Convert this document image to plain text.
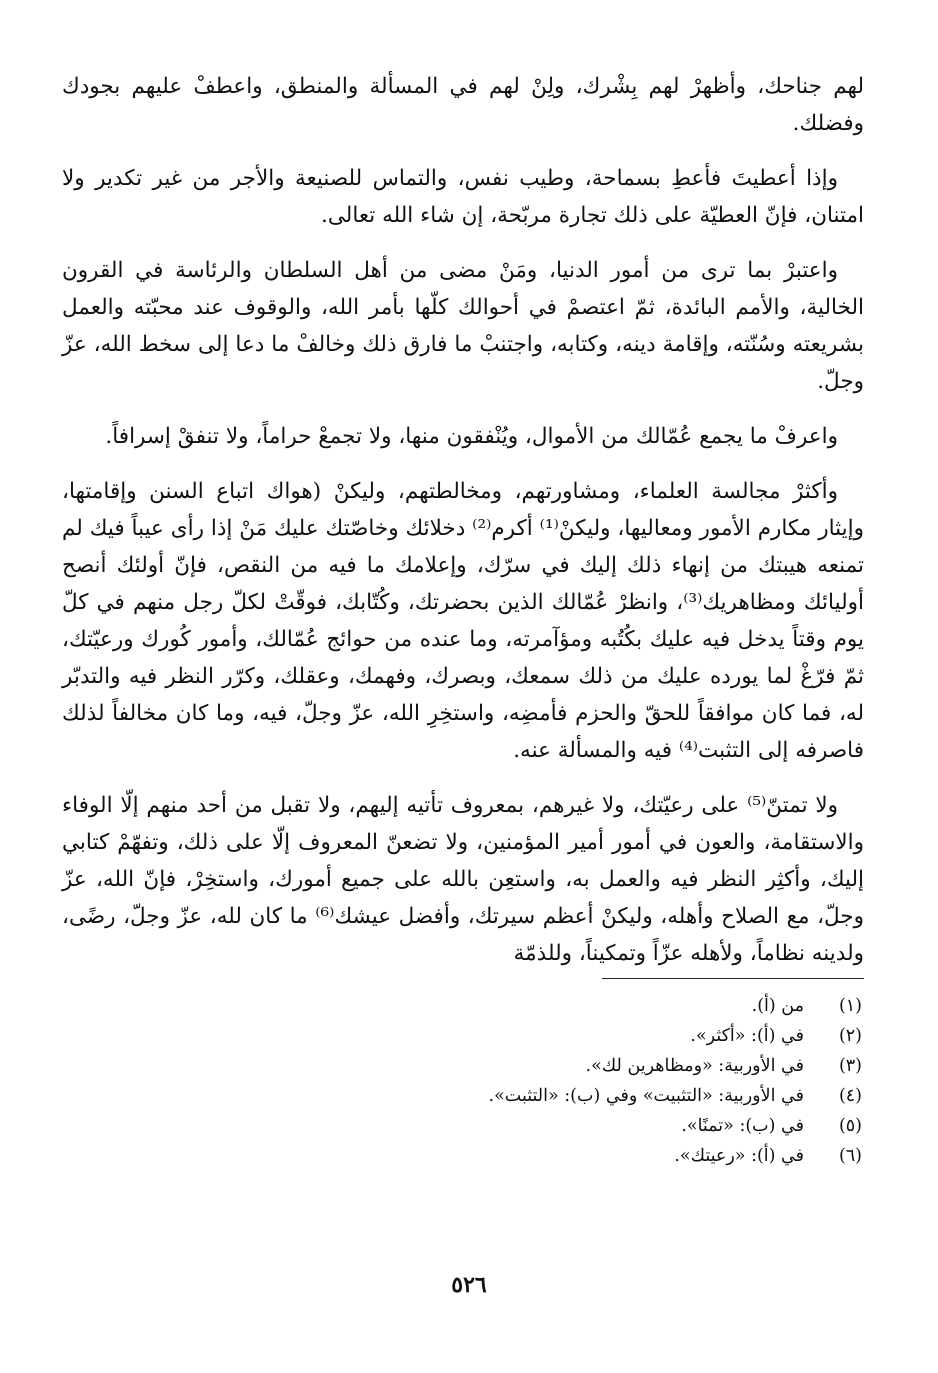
لهم جناحك، وأظهرْ لهم بِشْرك، ولِنْ لهم في المسألة والمنطق، واعطفْ عليهم بجودك وفضلك.

وإذا أعطيتَ فأعطِ بسماحة، وطيب نفس، والتماس للصنيعة والأجر من غير تكدير ولا امتنان، فإنّ العطيّة على ذلك تجارة مربّحة، إن شاء الله تعالى.

واعتبرْ بما ترى من أمور الدنيا، ومَنْ مضى من أهل السلطان والرئاسة في القرون الخالية، والأمم البائدة، ثمّ اعتصمْ في أحوالك كلّها بأمر الله، والوقوف عند محبّته والعمل بشريعته وسُنّته، وإقامة دينه، وكتابه، واجتنبْ ما فارق ذلك وخالفْ ما دعا إلى سخط الله، عزّ وجلّ.

واعرفْ ما يجمع عُمّالك من الأموال، ويُنْفقون منها، ولا تجمعْ حراماً، ولا تنفقْ إسرافاً.

وأكثرْ مجالسة العلماء، ومشاورتهم، ومخالطتهم، وليكنْ (هواك اتباع السنن وإقامتها، وإيثار مكارم الأمور ومعاليها، وليكنْ⁽¹⁾ أكرم⁽²⁾ دخلائك وخاصّتك عليك مَنْ إذا رأى عيباً فيك لم تمنعه هيبتك من إنهاء ذلك إليك في سرّك، وإعلامك ما فيه من النقص، فإنّ أولئك أنصح أوليائك ومظاهريك⁽³⁾، وانظرْ عُمّالك الذين بحضرتك، وكُتّابك، فوقّتْ لكلّ رجل منهم في كلّ يوم وقتاً يدخل فيه عليك بكُتُبه ومؤآمرته، وما عنده من حوائج عُمّالك، وأمور كُورك ورعيّتك، ثمّ فرّغْ لما يورده عليك من ذلك سمعك، وبصرك، وفهمك، وعقلك، وكرّر النظر فيه والتدبّر له، فما كان موافقاً للحقّ والحزم فأمضِه، واستخِرِ الله، عزّ وجلّ، فيه، وما كان مخالفاً لذلك فاصرفه إلى التثبت⁽⁴⁾ فيه والمسألة عنه.

ولا تمتنّ⁽⁵⁾ على رعيّتك، ولا غيرهم، بمعروف تأتيه إليهم، ولا تقبل من أحد منهم إلّا الوفاء والاستقامة، والعون في أمور أمير المؤمنين، ولا تضعنّ المعروف إلّا على ذلك، وتفهّمْ كتابي إليك، وأكثِر النظر فيه والعمل به، واستعِن بالله على جميع أمورك، واستخِرْ، فإنّ الله، عزّ وجلّ، مع الصلاح وأهله، وليكنْ أعظم سيرتك، وأفضل عيشك⁽⁶⁾ ما كان لله، عزّ وجلّ، رضًى، ولدينه نظاماً، ولأهله عزّاً وتمكيناً، وللذمّة

(١)
من (أ).
(٢)
في (أ): «أكثر».
(٣)
في الأوربية: «ومظاهرين لك».
(٤)
في الأوربية: «التثبيت» وفي (ب): «التثبت».
(٥)
في (ب): «تمنًا».
(٦)
في (أ): «رعيتك».
٥٢٦
